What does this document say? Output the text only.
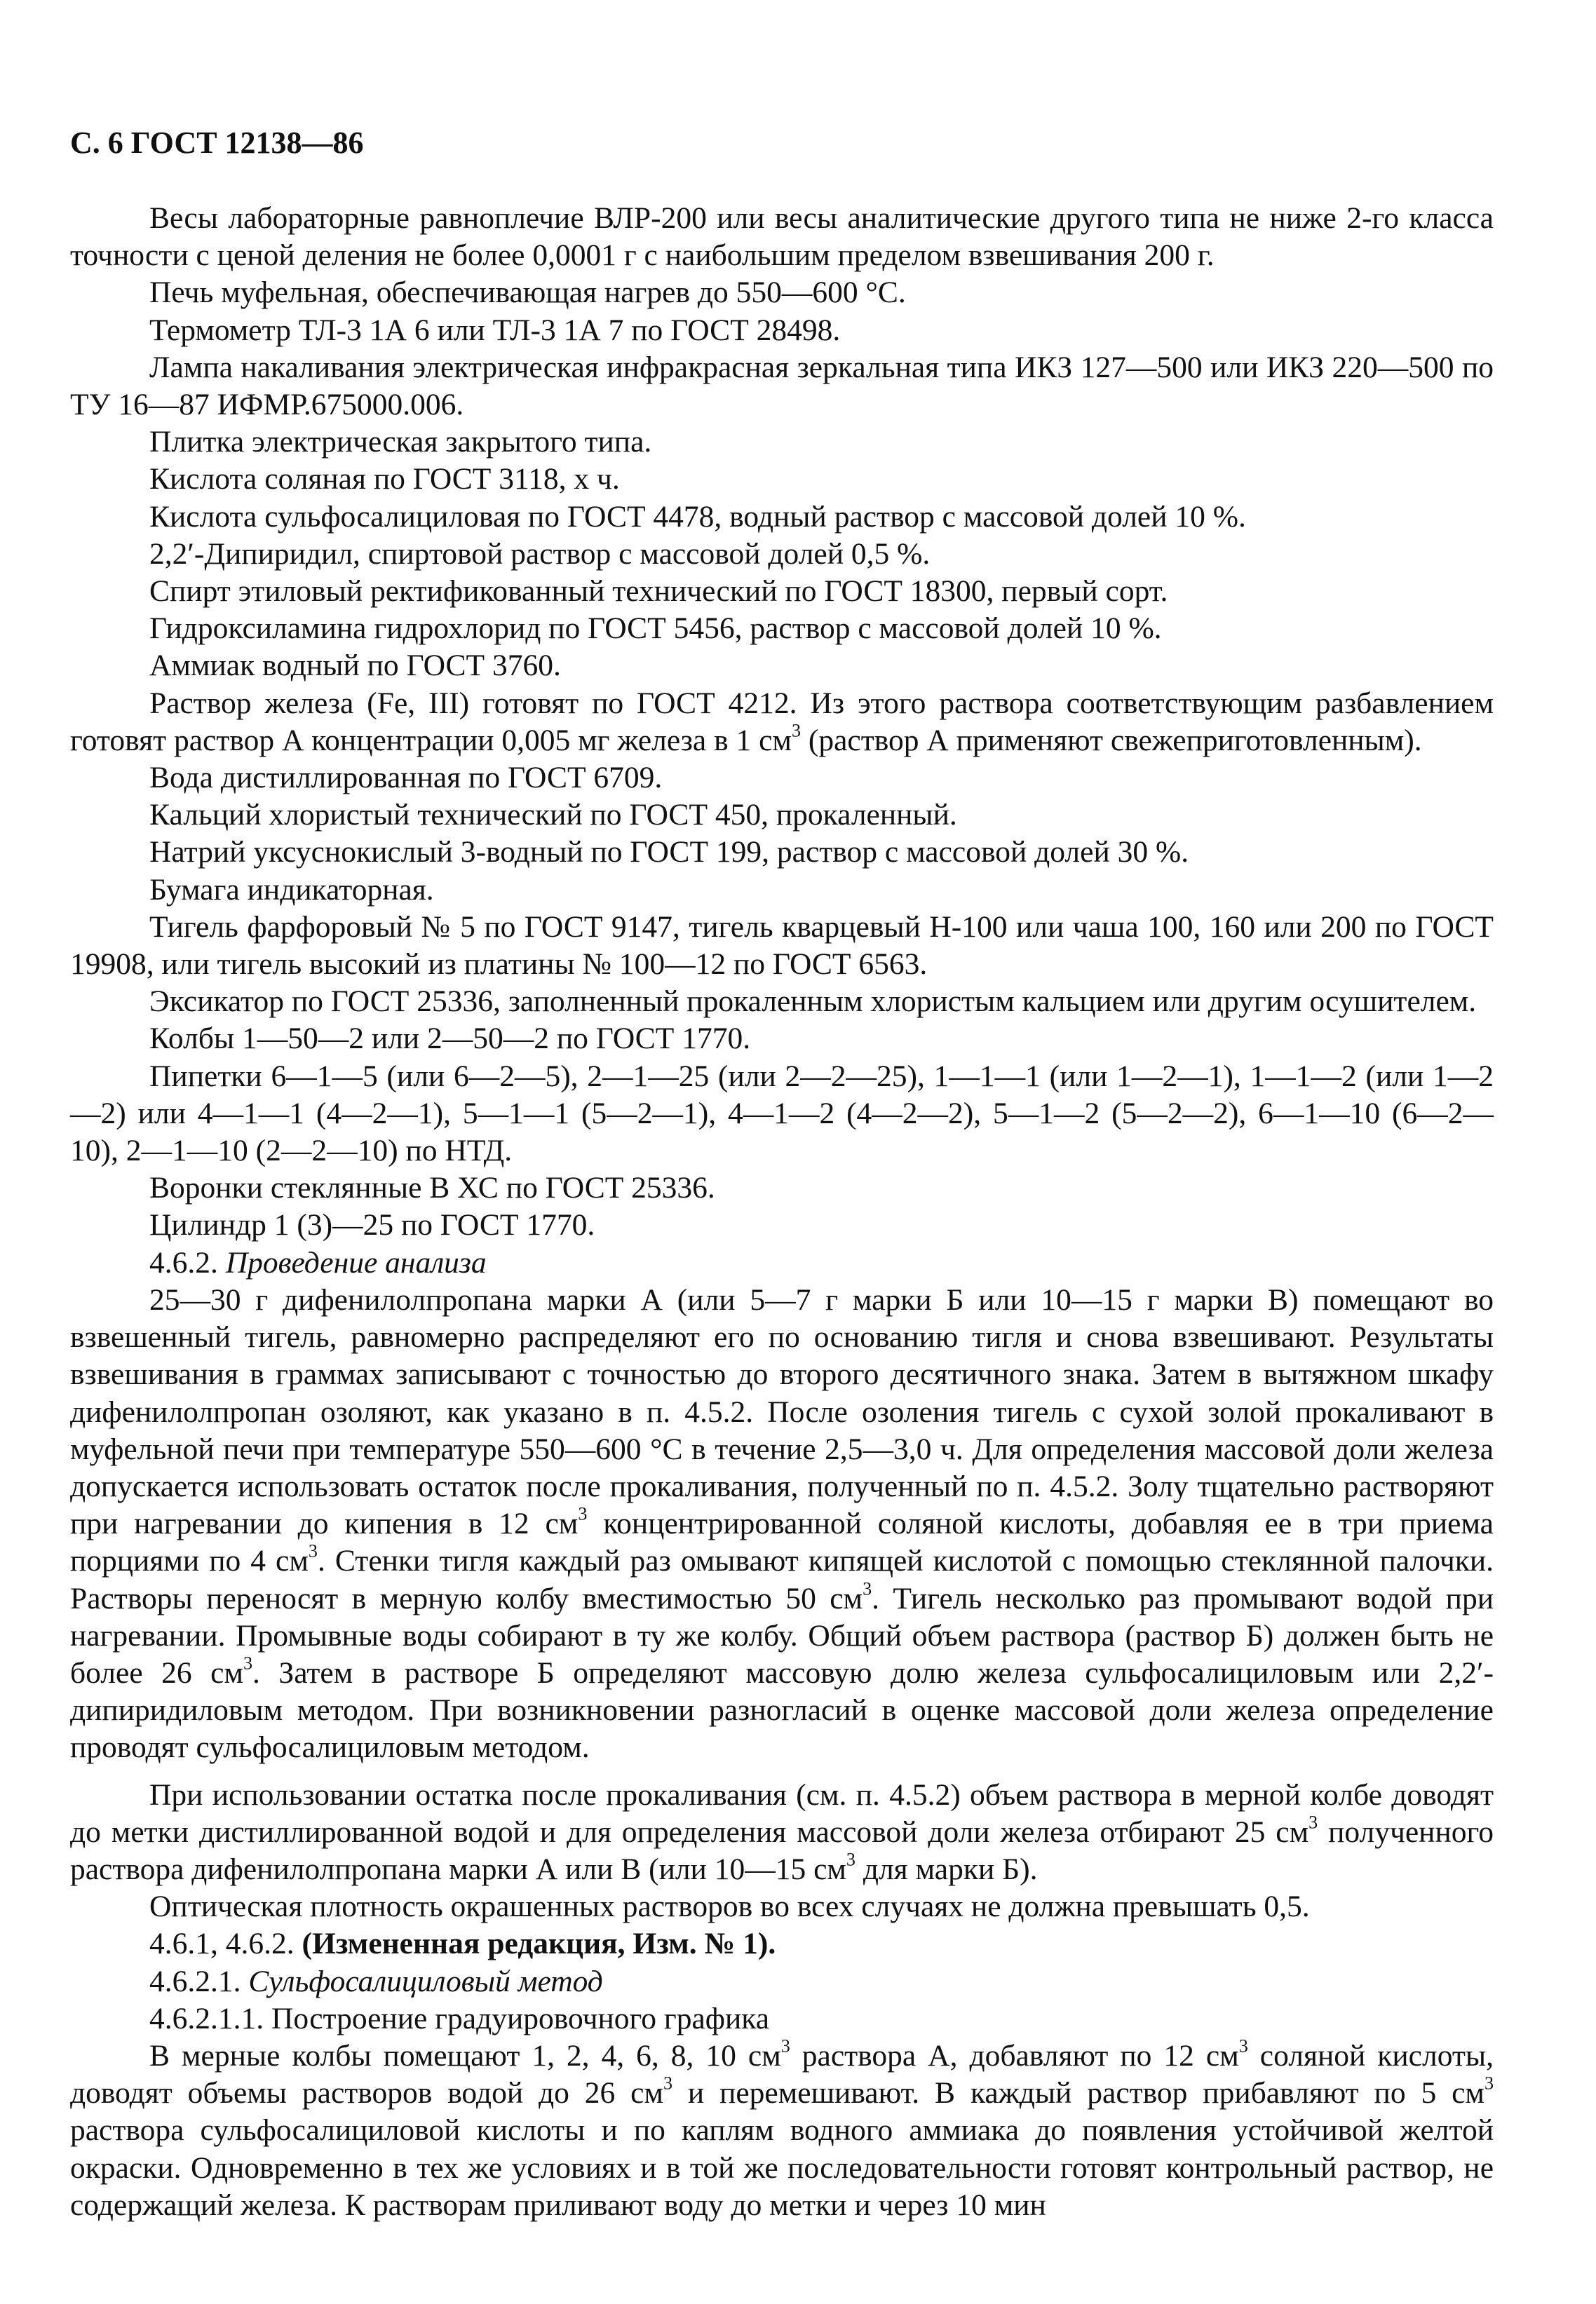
С. 6 ГОСТ 12138—86

Весы лабораторные равноплечие ВЛР-200 или весы аналитические другого типа не ниже 2-го класса точности с ценой деления не более 0,0001 г с наибольшим пределом взвешивания 200 г.

Печь муфельная, обеспечивающая нагрев до 550—600 °С.

Термометр ТЛ-3 1А 6 или ТЛ-3 1А 7 по ГОСТ 28498.

Лампа накаливания электрическая инфракрасная зеркальная типа ИКЗ 127—500 или ИКЗ 220—500 по ТУ 16—87 ИФМР.675000.006.

Плитка электрическая закрытого типа.

Кислота соляная по ГОСТ 3118, х ч.

Кислота сульфосалициловая по ГОСТ 4478, водный раствор с массовой долей 10 %.

2,2′-Дипиридил, спиртовой раствор с массовой долей 0,5 %.

Спирт этиловый ректификованный технический по ГОСТ 18300, первый сорт.

Гидроксиламина гидрохлорид по ГОСТ 5456, раствор с массовой долей 10 %.

Аммиак водный по ГОСТ 3760.

Раствор железа (Fe, III) готовят по ГОСТ 4212. Из этого раствора соответствующим разбавлением готовят раствор А концентрации 0,005 мг железа в 1 $см^3$ (раствор А применяют свежеприготовленным).

Вода дистиллированная по ГОСТ 6709.

Кальций хлористый технический по ГОСТ 450, прокаленный.

Натрий уксуснокислый 3-водный по ГОСТ 199, раствор с массовой долей 30 %.

Бумага индикаторная.

Тигель фарфоровый № 5 по ГОСТ 9147, тигель кварцевый Н-100 или чаша 100, 160 или 200 по ГОСТ 19908, или тигель высокий из платины № 100—12 по ГОСТ 6563.

Эксикатор по ГОСТ 25336, заполненный прокаленным хлористым кальцием или другим осушителем.

Колбы 1—50—2 или 2—50—2 по ГОСТ 1770.

Пипетки 6—1—5 (или 6—2—5), 2—1—25 (или 2—2—25), 1—1—1 (или 1—2—1), 1—1—2 (или 1—2—2) или 4—1—1 (4—2—1), 5—1—1 (5—2—1), 4—1—2 (4—2—2), 5—1—2 (5—2—2), 6—1—10 (6—2—10), 2—1—10 (2—2—10) по НТД.

Воронки стеклянные В ХС по ГОСТ 25336.

Цилиндр 1 (3)—25 по ГОСТ 1770.

4.6.2. Проведение анализа

25—30 г дифенилолпропана марки А (или 5—7 г марки Б или 10—15 г марки В) помещают во взвешенный тигель, равномерно распределяют его по основанию тигля и снова взвешивают. Результаты взвешивания в граммах записывают с точностью до второго десятичного знака. Затем в вытяжном шкафу дифенилолпропан озоляют, как указано в п. 4.5.2. После озоления тигель с сухой золой прокаливают в муфельной печи при температуре 550—600 °С в течение 2,5—3,0 ч. Для определения массовой доли железа допускается использовать остаток после прокаливания, полученный по п. 4.5.2. Золу тщательно растворяют при нагревании до кипения в 12 $см^3$ концентрированной соляной кислоты, добавляя ее в три приема порциями по 4 $см^3$. Стенки тигля каждый раз омывают кипящей кислотой с помощью стеклянной палочки. Растворы переносят в мерную колбу вместимостью 50 $см^3$. Тигель несколько раз промывают водой при нагревании. Промывные воды собирают в ту же колбу. Общий объем раствора (раствор Б) должен быть не более 26 $см^3$. Затем в растворе Б определяют массовую долю железа сульфосалициловым или 2,2′-дипиридиловым методом. При возникновении разногласий в оценке массовой доли железа определение проводят сульфосалициловым методом.

При использовании остатка после прокаливания (см. п. 4.5.2) объем раствора в мерной колбе доводят до метки дистиллированной водой и для определения массовой доли железа отбирают 25 $см^3$ полученного раствора дифенилолпропана марки А или В (или 10—15 $см^3$ для марки Б).

Оптическая плотность окрашенных растворов во всех случаях не должна превышать 0,5.

4.6.1, 4.6.2. (Измененная редакция, Изм. № 1).

4.6.2.1. Сульфосалициловый метод

4.6.2.1.1. Построение градуировочного графика

В мерные колбы помещают 1, 2, 4, 6, 8, 10 $см^3$ раствора А, добавляют по 12 $см^3$ соляной кислоты, доводят объемы растворов водой до 26 $см^3$ и перемешивают. В каждый раствор прибавляют по 5 $см^3$ раствора сульфосалициловой кислоты и по каплям водного аммиака до появления устойчивой желтой окраски. Одновременно в тех же условиях и в той же последовательности готовят контрольный раствор, не содержащий железа. К растворам приливают воду до метки и через 10 мин
